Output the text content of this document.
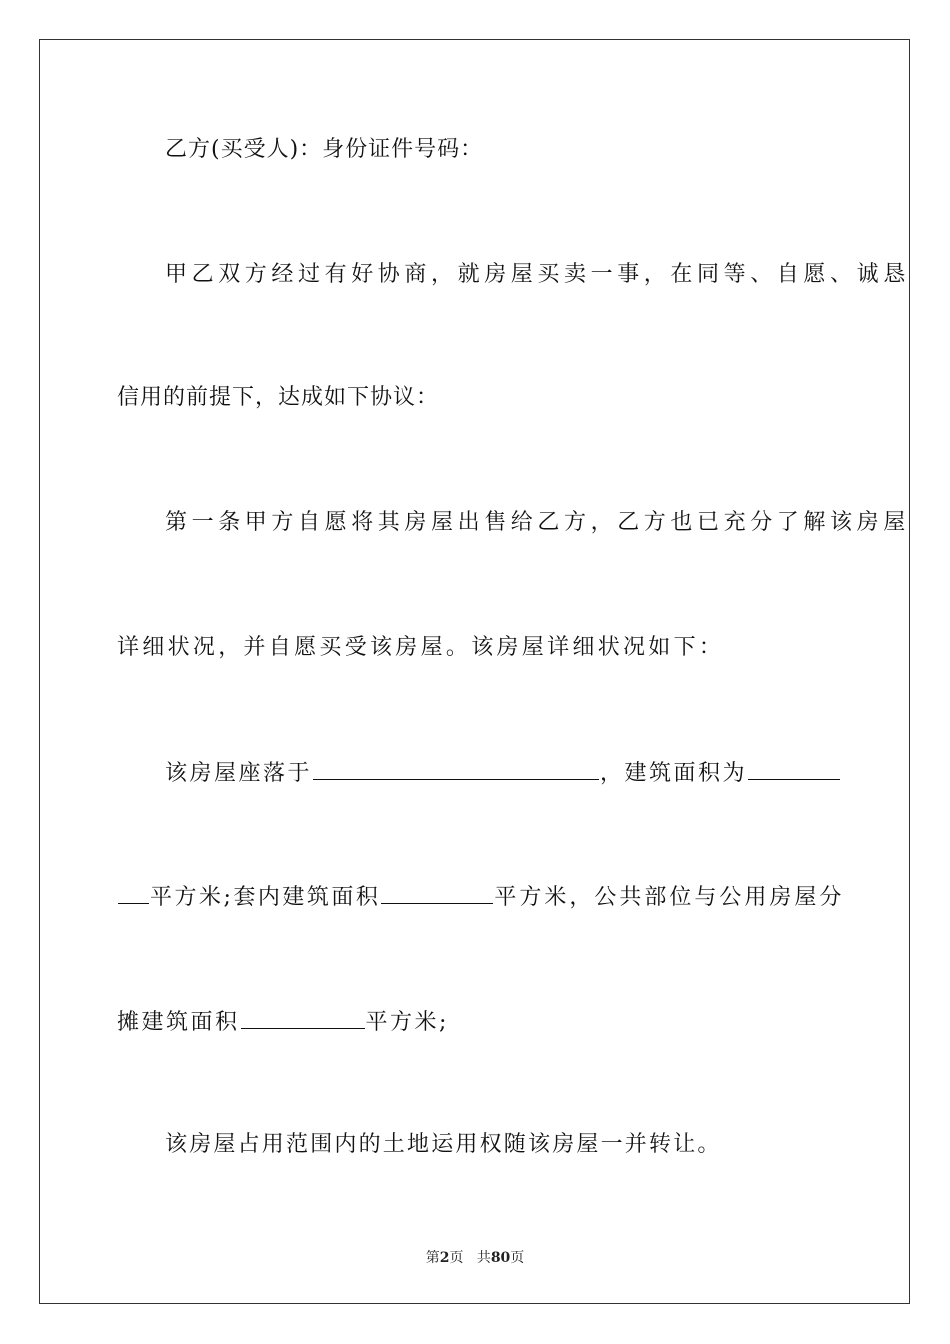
乙方(买受人)：身份证件号码：
甲乙双方经过有好协商，就房屋买卖一事，在同等、自愿、诚恳
信用的前提下，达成如下协议：
第一条甲方自愿将其房屋出售给乙方，乙方也已充分了解该房屋
详细状况，并自愿买受该房屋。该房屋详细状况如下：
该房屋座落于	，建筑面积为
平方米;套内建筑面积	平方米，公共部位与公用房屋分
摊建筑面积	平方米;
该房屋占用范围内的土地运用权随该房屋一并转让。
第2页 共80页
